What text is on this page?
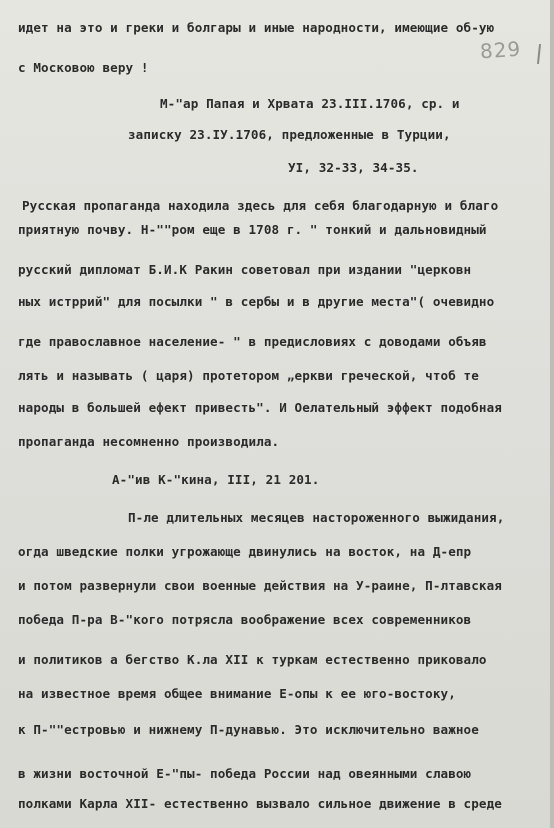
829
идет на это и греки и болгары и иные народности, имеющие об-ую
с Московою веру !
М-"ар Папая и Хрвата 23.III.1706, ср. и
записку 23.IУ.1706, предложенные в Турции,
УI, 32-33, 34-35.
Русская пропаганда находила здесь для себя благодарную и благо
приятную почву. Н-""ром еще в 1708 г. " тонкий и дальновидный
русский дипломат Б.И.К Ракин советовал при издании "церковн
ных истррий" для посылки " в сербы и в другие места"( очевидно
где православное население- " в предисловиях с доводами объяв
лять и называть ( царя) протетором „еркви греческой, чтоб те
народы в большей ефект привесть". И Oелательный эффект подобная
пропаганда несомненно производила.
А-"ив К-"кина, III, 21 201.
П-ле длительных месяцев настороженного выжидания,
огда шведские полки угрожающе двинулись на восток, на Д-епр
и потом развернули свои военные действия на У-раине, П-лтавская
победа П-ра В-"кого потрясла воображение всех современников
и политиков а бегство К.ла XII к туркам естественно приковало
на известное время общее внимание Е-опы к ее юго-востоку,
к П-""естровью и нижнему П-дунавью. Это исключительно важное
в жизни восточной Е-"пы- победа России над овеянными славою
полками Карла XII- естественно вызвало сильное движение в среде
